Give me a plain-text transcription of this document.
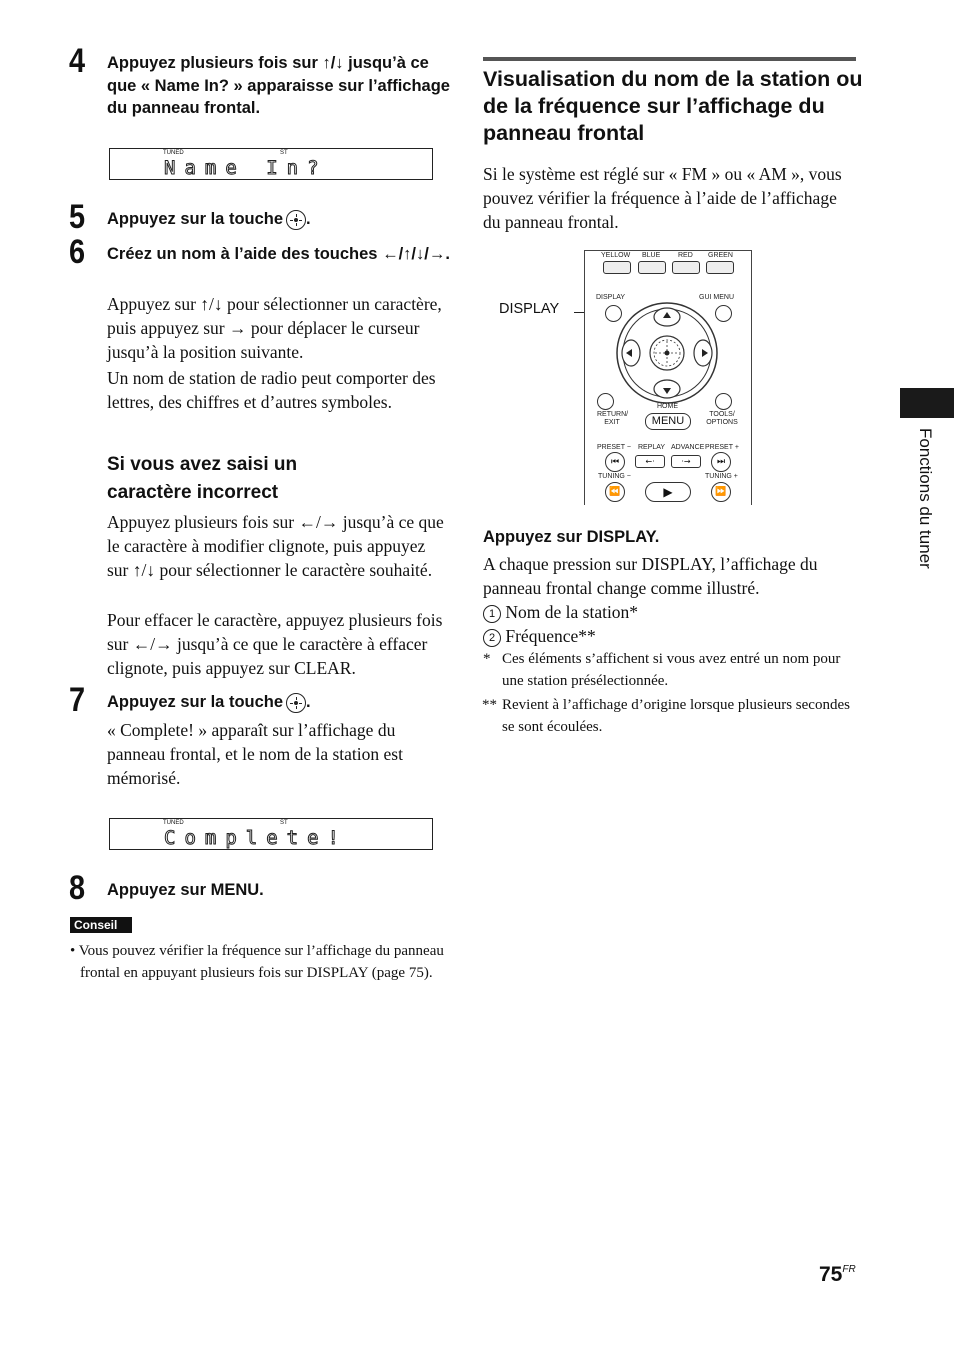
4 Appuyez plusieurs fois sur ↑/↓ jusqu’à ce que « Name In? » apparaisse sur l’affichage du panneau frontal.
TUNED	ST
Name In?
5 Appuyez sur la touche .
6 Créez un nom à l’aide des touches ←/↑/↓/→.
Appuyez sur ↑/↓ pour sélectionner un caractère, puis appuyez sur → pour déplacer le curseur jusqu’à la position suivante.
Un nom de station de radio peut comporter des lettres, des chiffres et d’autres symboles.
Si vous avez saisi un caractère incorrect
Appuyez plusieurs fois sur ←/→ jusqu’à ce que le caractère à modifier clignote, puis appuyez sur ↑/↓ pour sélectionner le caractère souhaité.
Pour effacer le caractère, appuyez plusieurs fois sur ←/→ jusqu’à ce que le caractère à effacer clignote, puis appuyez sur CLEAR.
7 Appuyez sur la touche .
« Complete! » apparaît sur l’affichage du panneau frontal, et le nom de la station est mémorisé.
TUNED	ST
Complete!
8 Appuyez sur MENU.
Conseil
• Vous pouvez vérifier la fréquence sur l’affichage du panneau frontal en appuyant plusieurs fois sur DISPLAY (page 75).
Visualisation du nom de la station ou de la fréquence sur l’affichage du panneau frontal
Si le système est réglé sur « FM » ou « AM », vous pouvez vérifier la fréquence à l’aide de l’affichage du panneau frontal.
DISPLAY
YELLOW BLUE	RED GREEN
DISPLAY	GUI MENU
HOME
RETURN/ EXIT
TOOLS/ OPTIONS
MENU
PRESET − REPLAY ADVANCE PRESET +
⏮	←·	·→	⏭
TUNING −	TUNING +
⏪	▶	⏩
Appuyez sur DISPLAY.
A chaque pression sur DISPLAY, l’affichage du panneau frontal change comme illustré.
1 Nom de la station*
2 Fréquence**
* Ces éléments s’affichent si vous avez entré un nom pour une station présélectionnée.
** Revient à l’affichage d’origine lorsque plusieurs secondes se sont écoulées.
Fonctions du tuner
$75^{FR}$
